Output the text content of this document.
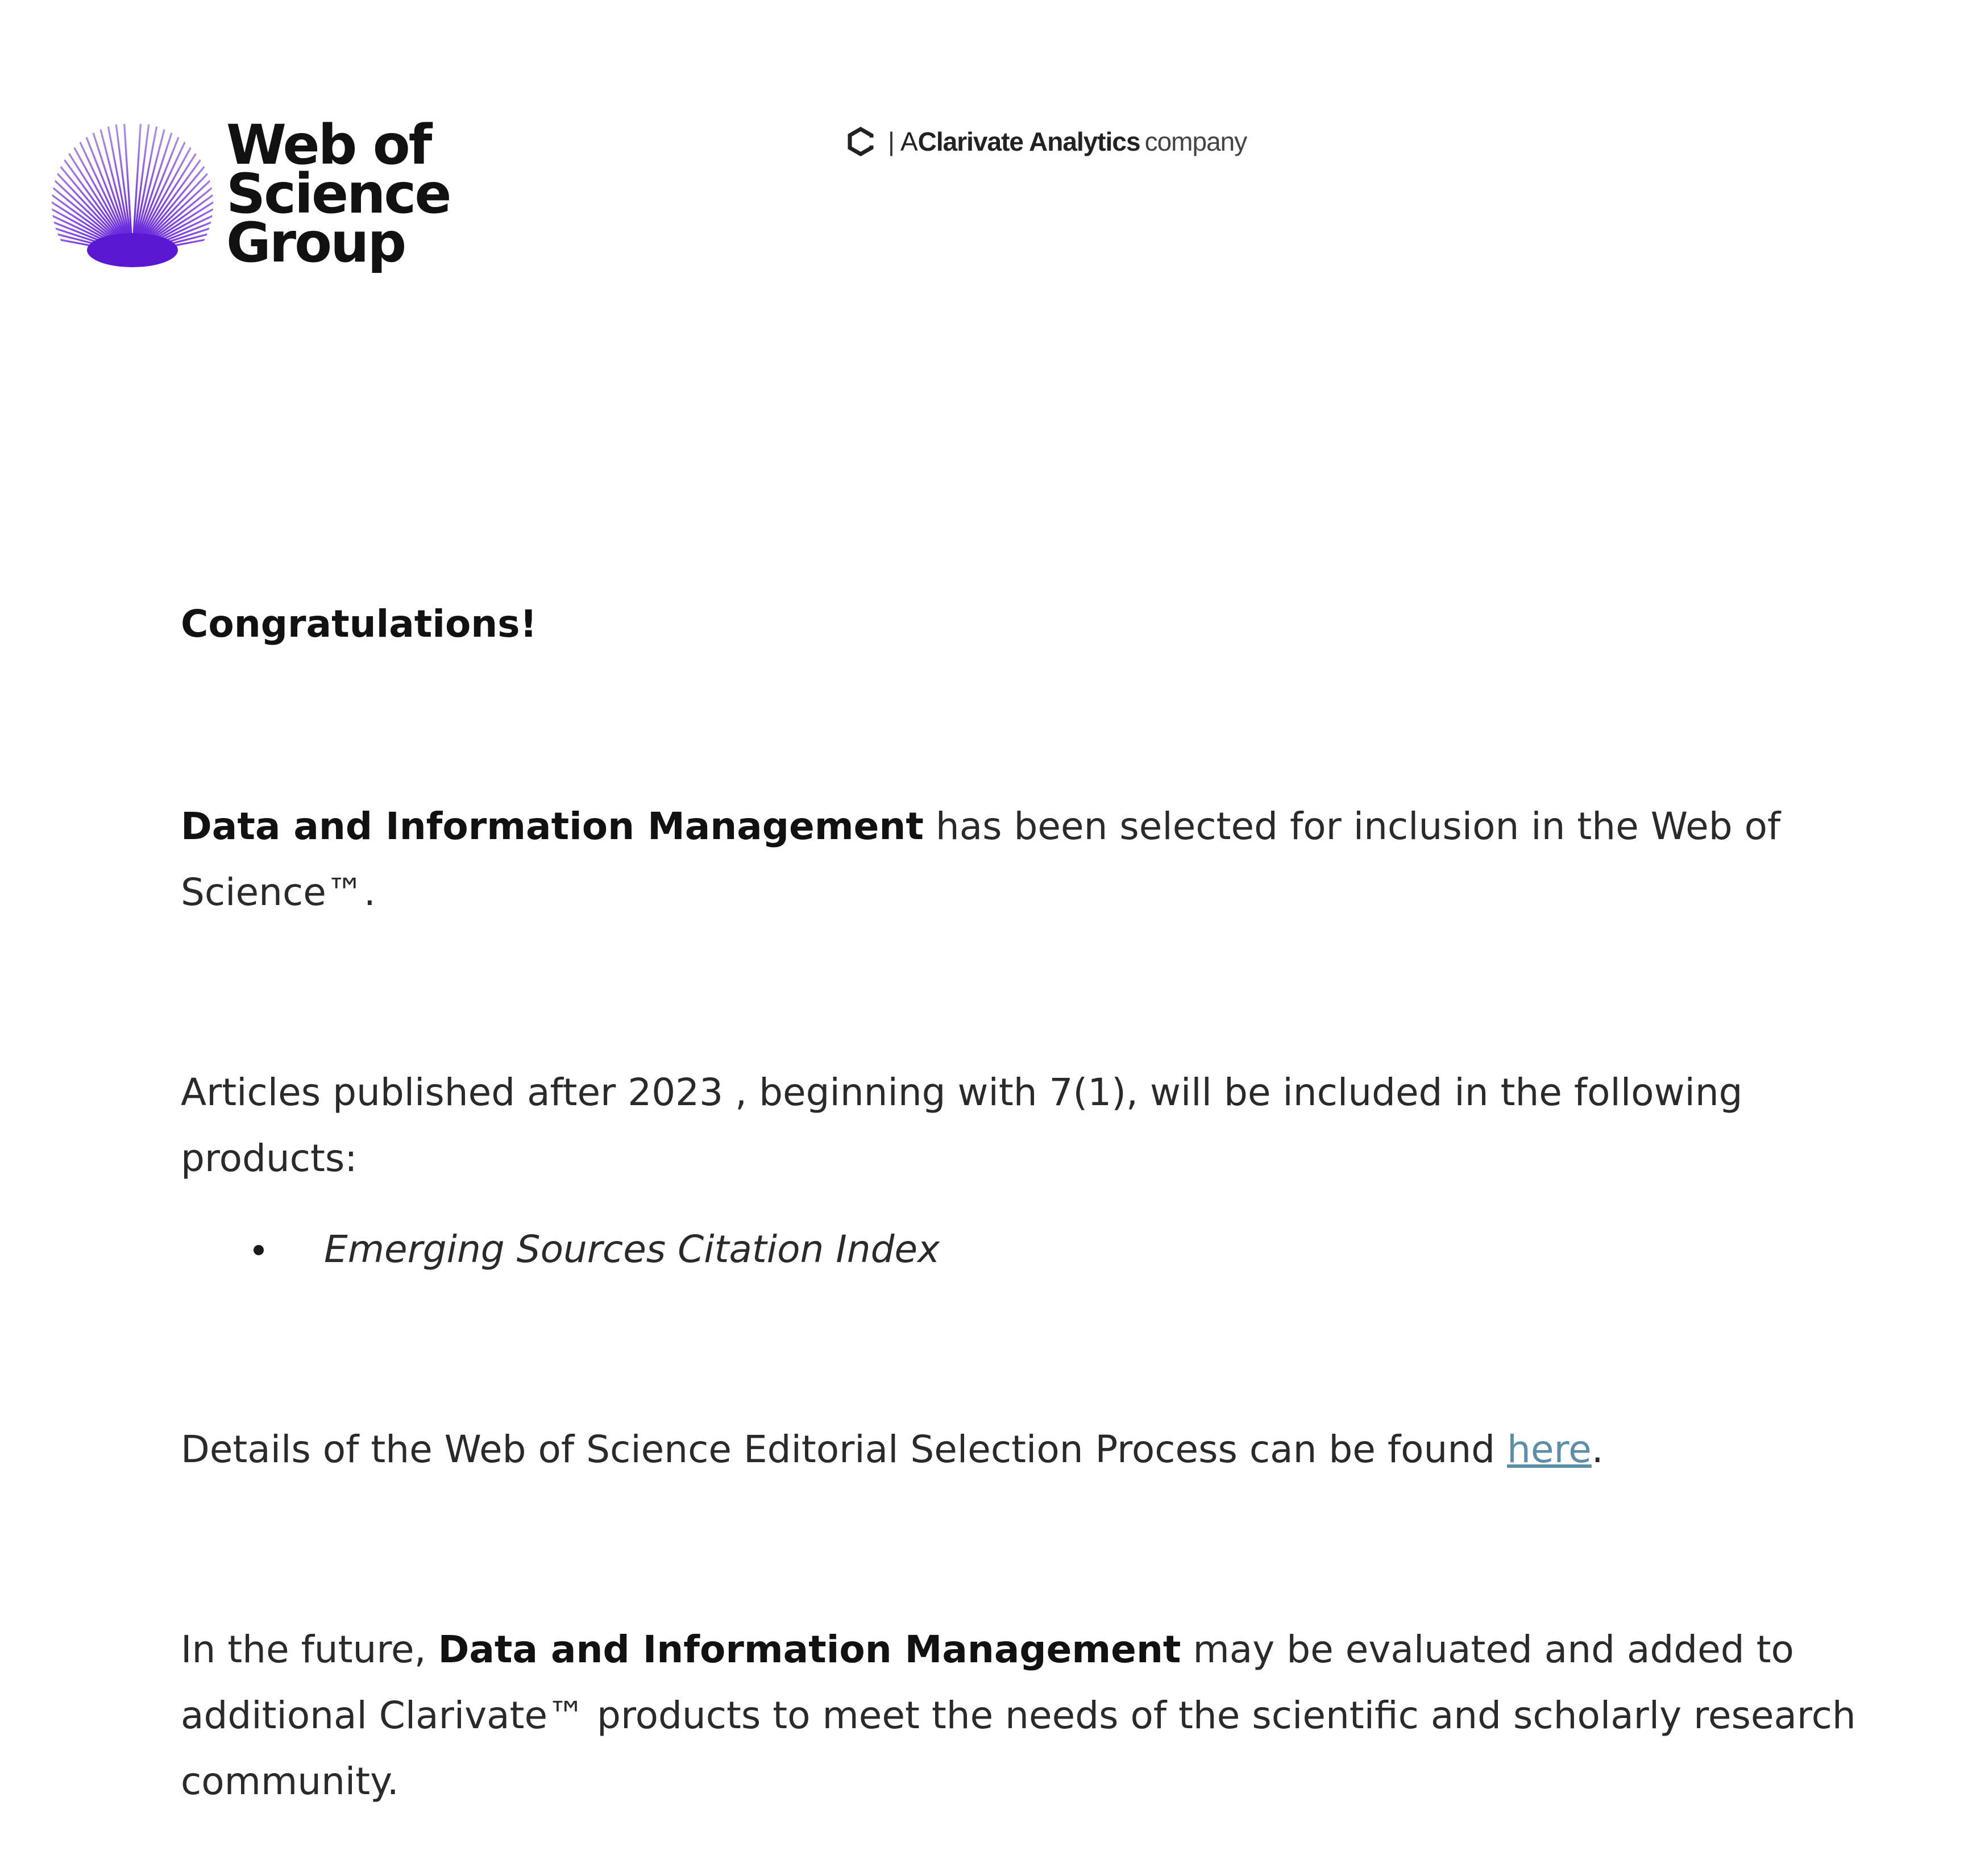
Web of
Science
Group
| A Clarivate Analytics company

Congratulations!

Data and Information Management has been selected for inclusion in the Web of Science™.

Articles published after 2023 , beginning with 7(1), will be included in the following products:

Emerging Sources Citation Index

Details of the Web of Science Editorial Selection Process can be found here.

In the future, Data and Information Management may be evaluated and added to additional Clarivate™ products to meet the needs of the scientific and scholarly research community.
